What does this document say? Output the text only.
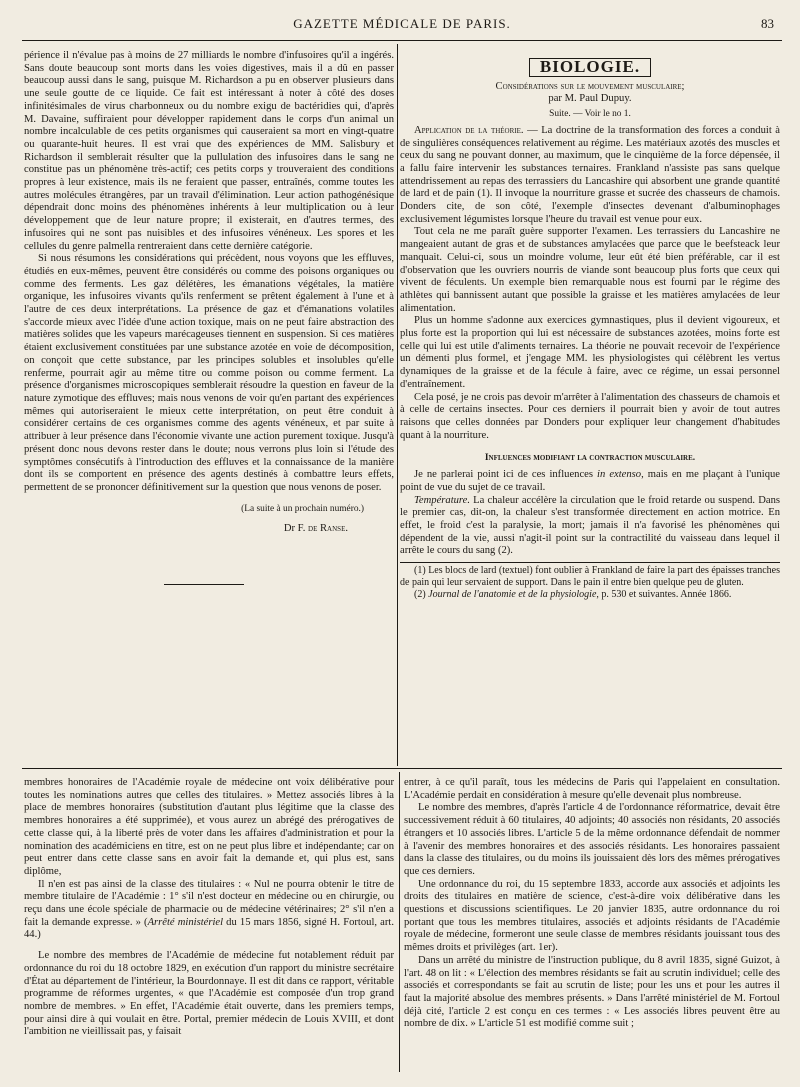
GAZETTE MÉDICALE DE PARIS.	83

périence il n'évalue pas à moins de 27 milliards le nombre d'infusoires qu'il a ingérés. Sans doute beaucoup sont morts dans les voies digestives, mais il a dû en passer beaucoup aussi dans le sang, puisque M. Richardson a pu en observer plusieurs dans une seule goutte de ce liquide. Ce fait est intéressant à noter à côté des doses infinitésimales de virus charbonneux ou du nombre exigu de bactéridies qui, d'après M. Davaine, suffiraient pour développer rapidement dans le corps d'un animal un nombre incalculable de ces petits organismes qui causeraient sa mort en vingt-quatre ou quarante-huit heures. Il est vrai que des expériences de MM. Salisbury et Richardson il semblerait résulter que la pullulation des infusoires dans le sang ne constitue pas un phénomène très-actif; ces petits corps y trouveraient des conditions propres à leur existence, mais ils ne feraient que passer, entraînés, comme toutes les autres molécules étrangères, par un travail d'élimination. Leur action pathogénésique dépendrait donc moins des phénomènes inhérents à leur multiplication ou à leur développement que de leur nature propre; il existerait, en d'autres termes, des infusoires qui ne sont pas nuisibles et des infusoires vénéneux. Les spores et les cellules du genre palmella rentreraient dans cette dernière catégorie.

Si nous résumons les considérations qui précèdent, nous voyons que les effluves, étudiés en eux-mêmes, peuvent être considérés ou comme des poisons organiques ou comme des ferments. Les gaz délétères, les émanations végétales, la matière organique, les infusoires vivants qu'ils renferment se prêtent également à l'une et à l'autre de ces deux interprétations. La présence de gaz et d'émanations volatiles s'accorde mieux avec l'idée d'une action toxique, mais on ne peut faire abstraction des matières solides que les vapeurs marécageuses tiennent en suspension. Si ces matières étaient exclusivement constituées par une substance azotée en voie de décomposition, on conçoit que cette substance, par les principes solubles et insolubles qu'elle renferme, pourrait agir au même titre ou comme poison ou comme ferment. La présence d'organismes microscopiques semblerait résoudre la question en faveur de la nature zymotique des effluves; mais nous venons de voir qu'en partant des expériences mêmes qui autoriseraient le mieux cette interprétation, on peut être conduit à considérer certains de ces organismes comme des agents vénéneux, et par suite à attribuer à leur présence dans l'économie vivante une action purement toxique. Jusqu'à présent donc nous devons rester dans le doute; nous verrons plus loin si l'étude des symptômes consécutifs à l'introduction des effluves et la connaissance de la manière dont ils se comportent en présence des agents destinés à combattre leurs effets, permettent de se prononcer définitivement sur la question que nous venons de poser.

(La suite à un prochain numéro.)

Dr F. de Ranse.

BIOLOGIE.

Considérations sur le mouvement musculaire;

par M. Paul Dupuy.

Suite. — Voir le no 1.

Application de la théorie. — La doctrine de la transformation des forces a conduit à de singulières conséquences relativement au régime. Les matériaux azotés des muscles et ceux du sang ne pouvant donner, au maximum, que le cinquième de la force dépensée, il a fallu faire intervenir les substances ternaires. Frankland n'assiste pas sans quelque attendrissement au repas des terrassiers du Lancashire qui absorbent une grande quantité de lard et de pain (1). Il invoque la nourriture grasse et sucrée des chasseurs de chamois. Donders cite, de son côté, l'exemple d'insectes devenant d'albuminophages exclusivement légumistes lorsque l'heure du travail est venue pour eux.

Tout cela ne me paraît guère supporter l'examen. Les terrassiers du Lancashire ne mangeaient autant de gras et de substances amylacées que parce que le beefsteack leur manquait. Celui-ci, sous un moindre volume, leur eût été bien préférable, car il est d'observation que les ouvriers nourris de viande sont beaucoup plus forts que ceux qui vivent de féculents. Un exemple bien remarquable nous est fourni par le régime des athlètes qui bannissent autant que possible la graisse et les matières amylacées de leur alimentation.

Plus un homme s'adonne aux exercices gymnastiques, plus il devient vigoureux, et plus forte est la proportion qui lui est nécessaire de substances azotées, moins forte est celle qui lui est utile d'aliments ternaires. La théorie ne pouvait recevoir de l'expérience un démenti plus formel, et j'engage MM. les physiologistes qui célèbrent les vertus dynamiques de la graisse et de la fécule à faire, avec ce régime, un essai personnel d'entraînement.

Cela posé, je ne crois pas devoir m'arrêter à l'alimentation des chasseurs de chamois et à celle de certains insectes. Pour ces derniers il pourrait bien y avoir de tout autres raisons que celles données par Donders pour expliquer leur changement d'habitudes quant à la nourriture.

Influences modifiant la contraction musculaire.

Je ne parlerai point ici de ces influences in extenso, mais en me plaçant à l'unique point de vue du sujet de ce travail.

Température. La chaleur accélère la circulation que le froid retarde ou suspend. Dans le premier cas, dit-on, la chaleur s'est transformée directement en action motrice. En effet, le froid c'est la paralysie, la mort; jamais il n'a favorisé les phénomènes qui dépendent de la vie, aussi n'agit-il point sur la contractilité du vaisseau dans lequel il arrête le cours du sang (2).

(1) Les blocs de lard (textuel) font oublier à Frankland de faire la part des épaisses tranches de pain qui leur servaient de support. Dans le pain il entre bien quelque peu de gluten.

(2) Journal de l'anatomie et de la physiologie, p. 530 et suivantes. Année 1866.

membres honoraires de l'Académie royale de médecine ont voix délibérative pour toutes les nominations autres que celles des titulaires. » Mettez associés libres à la place de membres honoraires (substitution d'autant plus légitime que la classe des membres honoraires a été supprimée), et vous aurez un abrégé des prérogatives de cette classe qui, à la liberté près de voter dans les affaires d'administration et pour la nomination des académiciens en titre, est on ne peut plus libre et indépendante; car on peut entrer dans cette classe sans en avoir fait la demande et, qui plus est, sans diplôme,

Il n'en est pas ainsi de la classe des titulaires : « Nul ne pourra obtenir le titre de membre titulaire de l'Académie : 1° s'il n'est docteur en médecine ou en chirurgie, ou reçu dans une école spéciale de pharmacie ou de médecine vétérinaires; 2° s'il n'en a fait la demande expresse. » (Arrêté ministériel du 15 mars 1856, signé H. Fortoul, art. 44.)

Le nombre des membres de l'Académie de médecine fut notablement réduit par ordonnance du roi du 18 octobre 1829, en exécution d'un rapport du ministre secrétaire d'État au département de l'intérieur, la Bourdonnaye. Il est dit dans ce rapport, véritable programme de réformes urgentes, « que l'Académie est composée d'un trop grand nombre de membres. » En effet, l'Académie était ouverte, dans les premiers temps, pour ainsi dire à qui voulait en être. Portal, premier médecin de Louis XVIII, et dont l'ambition ne vieillissait pas, y faisait

entrer, à ce qu'il paraît, tous les médecins de Paris qui l'appelaient en consultation. L'Académie perdait en considération à mesure qu'elle devenait plus nombreuse.

Le nombre des membres, d'après l'article 4 de l'ordonnance réformatrice, devait être successivement réduit à 60 titulaires, 40 adjoints; 40 associés non résidants, 20 associés étrangers et 10 associés libres. L'article 5 de la même ordonnance défendait de nommer à l'avenir des membres honoraires et des associés résidants. Les honoraires passaient dans la classe des titulaires, ou du moins ils jouissaient dès lors des mêmes prérogatives que ces derniers.

Une ordonnance du roi, du 15 septembre 1833, accorde aux associés et adjoints les droits des titulaires en matière de science, c'est-à-dire voix délibérative dans les questions et discussions scientifiques. Le 20 janvier 1835, autre ordonnance du roi portant que tous les membres titulaires, associés et adjoints résidants de l'Académie royale de médecine, formeront une seule classe de membres résidants jouissant tous des mêmes droits et privilèges (art. 1er).

Dans un arrêté du ministre de l'instruction publique, du 8 avril 1835, signé Guizot, à l'art. 48 on lit : « L'élection des membres résidants se fait au scrutin individuel; celle des associés et correspondants se fait au scrutin de liste; pour les uns et pour les autres il faut la majorité absolue des membres présents. » Dans l'arrêté ministériel de M. Fortoul déjà cité, l'article 2 est conçu en ces termes : « Les associés libres peuvent être au nombre de dix. » L'article 51 est modifié comme suit ;
